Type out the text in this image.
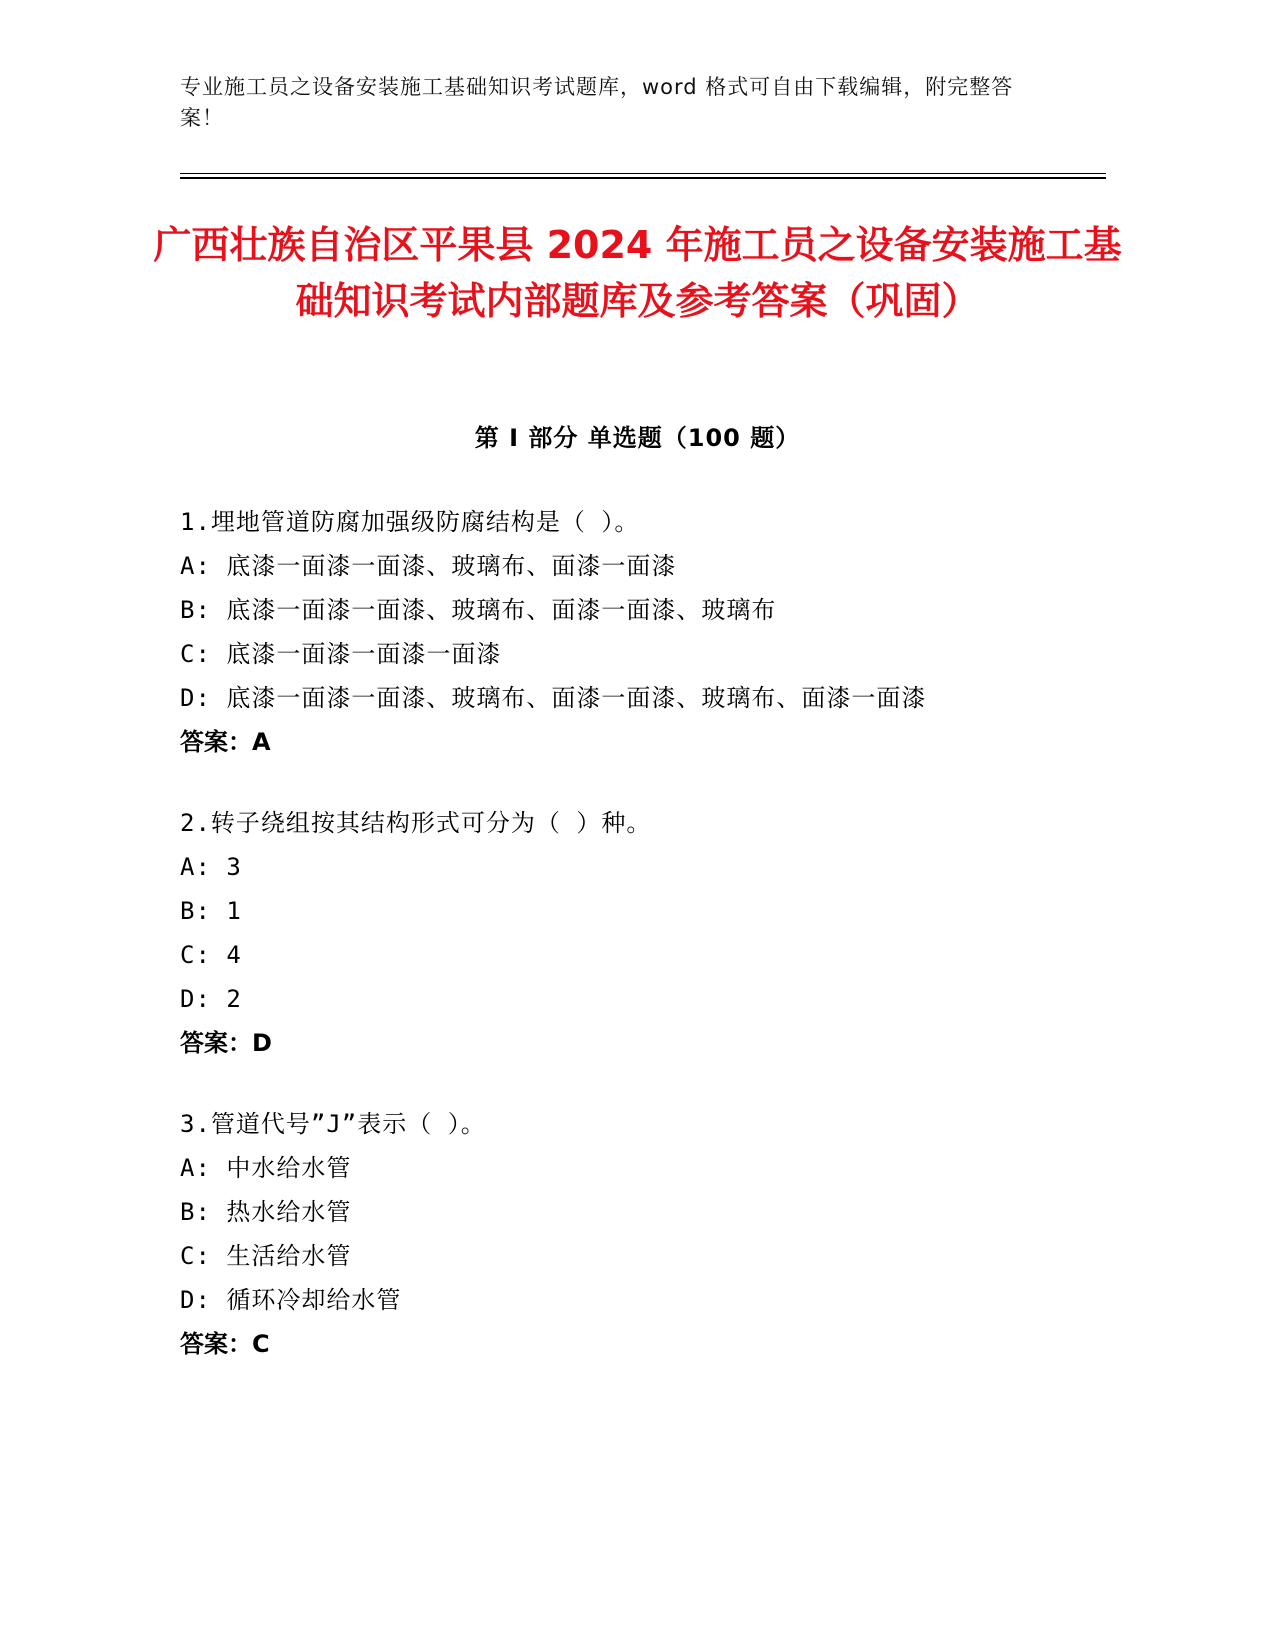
专业施工员之设备安装施工基础知识考试题库，word 格式可自由下载编辑，附完整答案！
广西壮族自治区平果县 2024 年施工员之设备安装施工基础知识考试内部题库及参考答案（巩固）
第 I 部分 单选题（100 题）
1.埋地管道防腐加强级防腐结构是（ ）。
A: 底漆一面漆一面漆、玻璃布、面漆一面漆
B: 底漆一面漆一面漆、玻璃布、面漆一面漆、玻璃布
C: 底漆一面漆一面漆一面漆
D: 底漆一面漆一面漆、玻璃布、面漆一面漆、玻璃布、面漆一面漆
答案：A
2.转子绕组按其结构形式可分为（ ）种。
A: 3
B: 1
C: 4
D: 2
答案：D
3.管道代号”J”表示（ ）。
A: 中水给水管
B: 热水给水管
C: 生活给水管
D: 循环冷却给水管
答案：C
